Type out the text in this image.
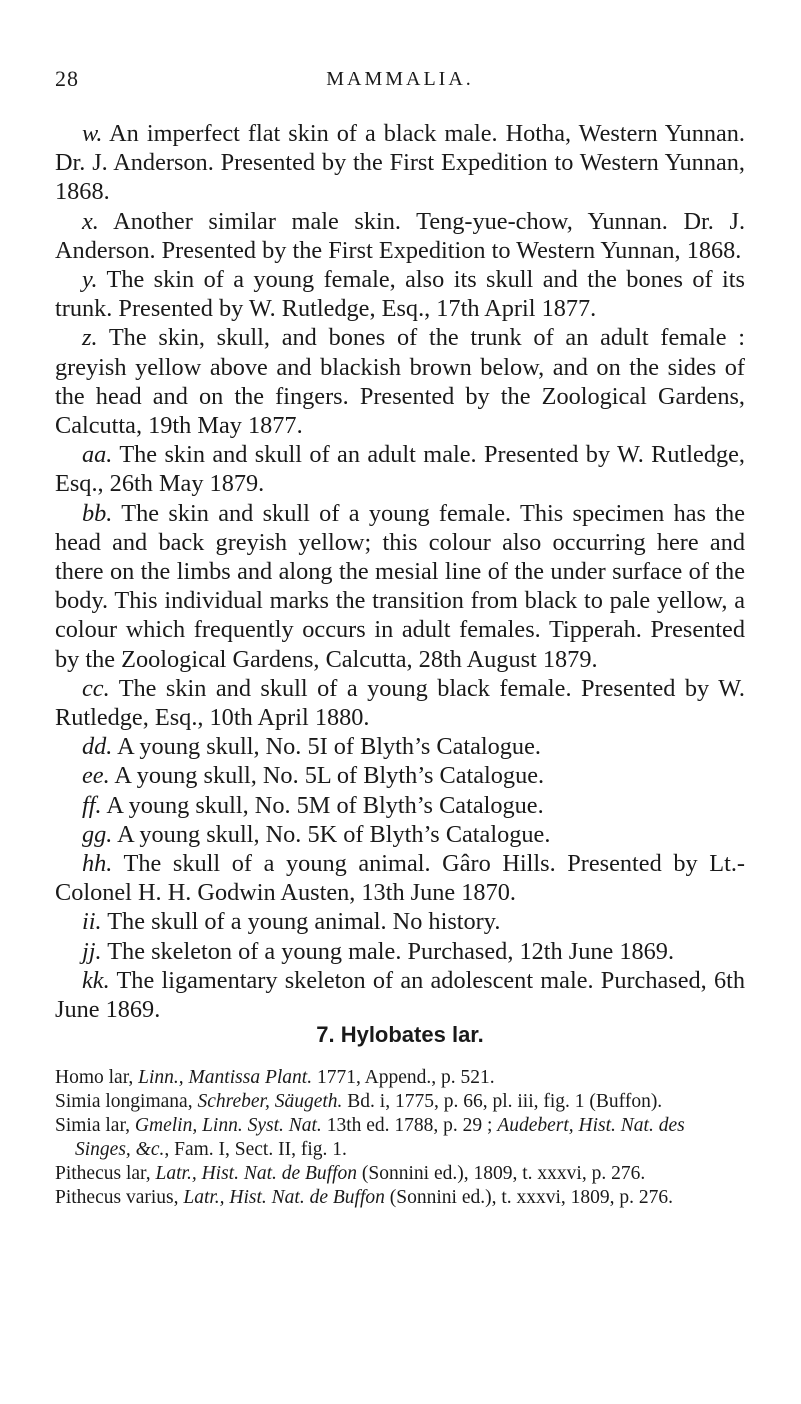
28	MAMMALIA.

w. An imperfect flat skin of a black male. Hotha, Western Yunnan. Dr. J. Anderson. Presented by the First Expedition to Western Yunnan, 1868.

x. Another similar male skin. Teng-yue-chow, Yunnan. Dr. J. Anderson. Presented by the First Expedition to Western Yunnan, 1868.

y. The skin of a young female, also its skull and the bones of its trunk. Presented by W. Rutledge, Esq., 17th April 1877.

z. The skin, skull, and bones of the trunk of an adult female : greyish yellow above and blackish brown below, and on the sides of the head and on the fingers. Presented by the Zoological Gardens, Calcutta, 19th May 1877.

aa. The skin and skull of an adult male. Presented by W. Rutledge, Esq., 26th May 1879.

bb. The skin and skull of a young female. This specimen has the head and back greyish yellow; this colour also occurring here and there on the limbs and along the mesial line of the under surface of the body. This individual marks the transition from black to pale yellow, a colour which frequently occurs in adult females. Tipperah. Presented by the Zoological Gardens, Calcutta, 28th August 1879.

cc. The skin and skull of a young black female. Presented by W. Rutledge, Esq., 10th April 1880.

dd. A young skull, No. 5I of Blyth’s Catalogue.

ee. A young skull, No. 5L of Blyth’s Catalogue.

ff. A young skull, No. 5M of Blyth’s Catalogue.

gg. A young skull, No. 5K of Blyth’s Catalogue.

hh. The skull of a young animal. Gâro Hills. Presented by Lt.-Colonel H. H. Godwin Austen, 13th June 1870.

ii. The skull of a young animal. No history.

jj. The skeleton of a young male. Purchased, 12th June 1869.

kk. The ligamentary skeleton of an adolescent male. Purchased, 6th June 1869.

7. Hylobates lar.

Homo lar, Linn., Mantissa Plant. 1771, Append., p. 521.

Simia longimana, Schreber, Säugeth. Bd. i, 1775, p. 66, pl. iii, fig. 1 (Buffon).

Simia lar, Gmelin, Linn. Syst. Nat. 13th ed. 1788, p. 29 ; Audebert, Hist. Nat. des Singes, &c., Fam. I, Sect. II, fig. 1.

Pithecus lar, Latr., Hist. Nat. de Buffon (Sonnini ed.), 1809, t. xxxvi, p. 276.

Pithecus varius, Latr., Hist. Nat. de Buffon (Sonnini ed.), t. xxxvi, 1809, p. 276.
